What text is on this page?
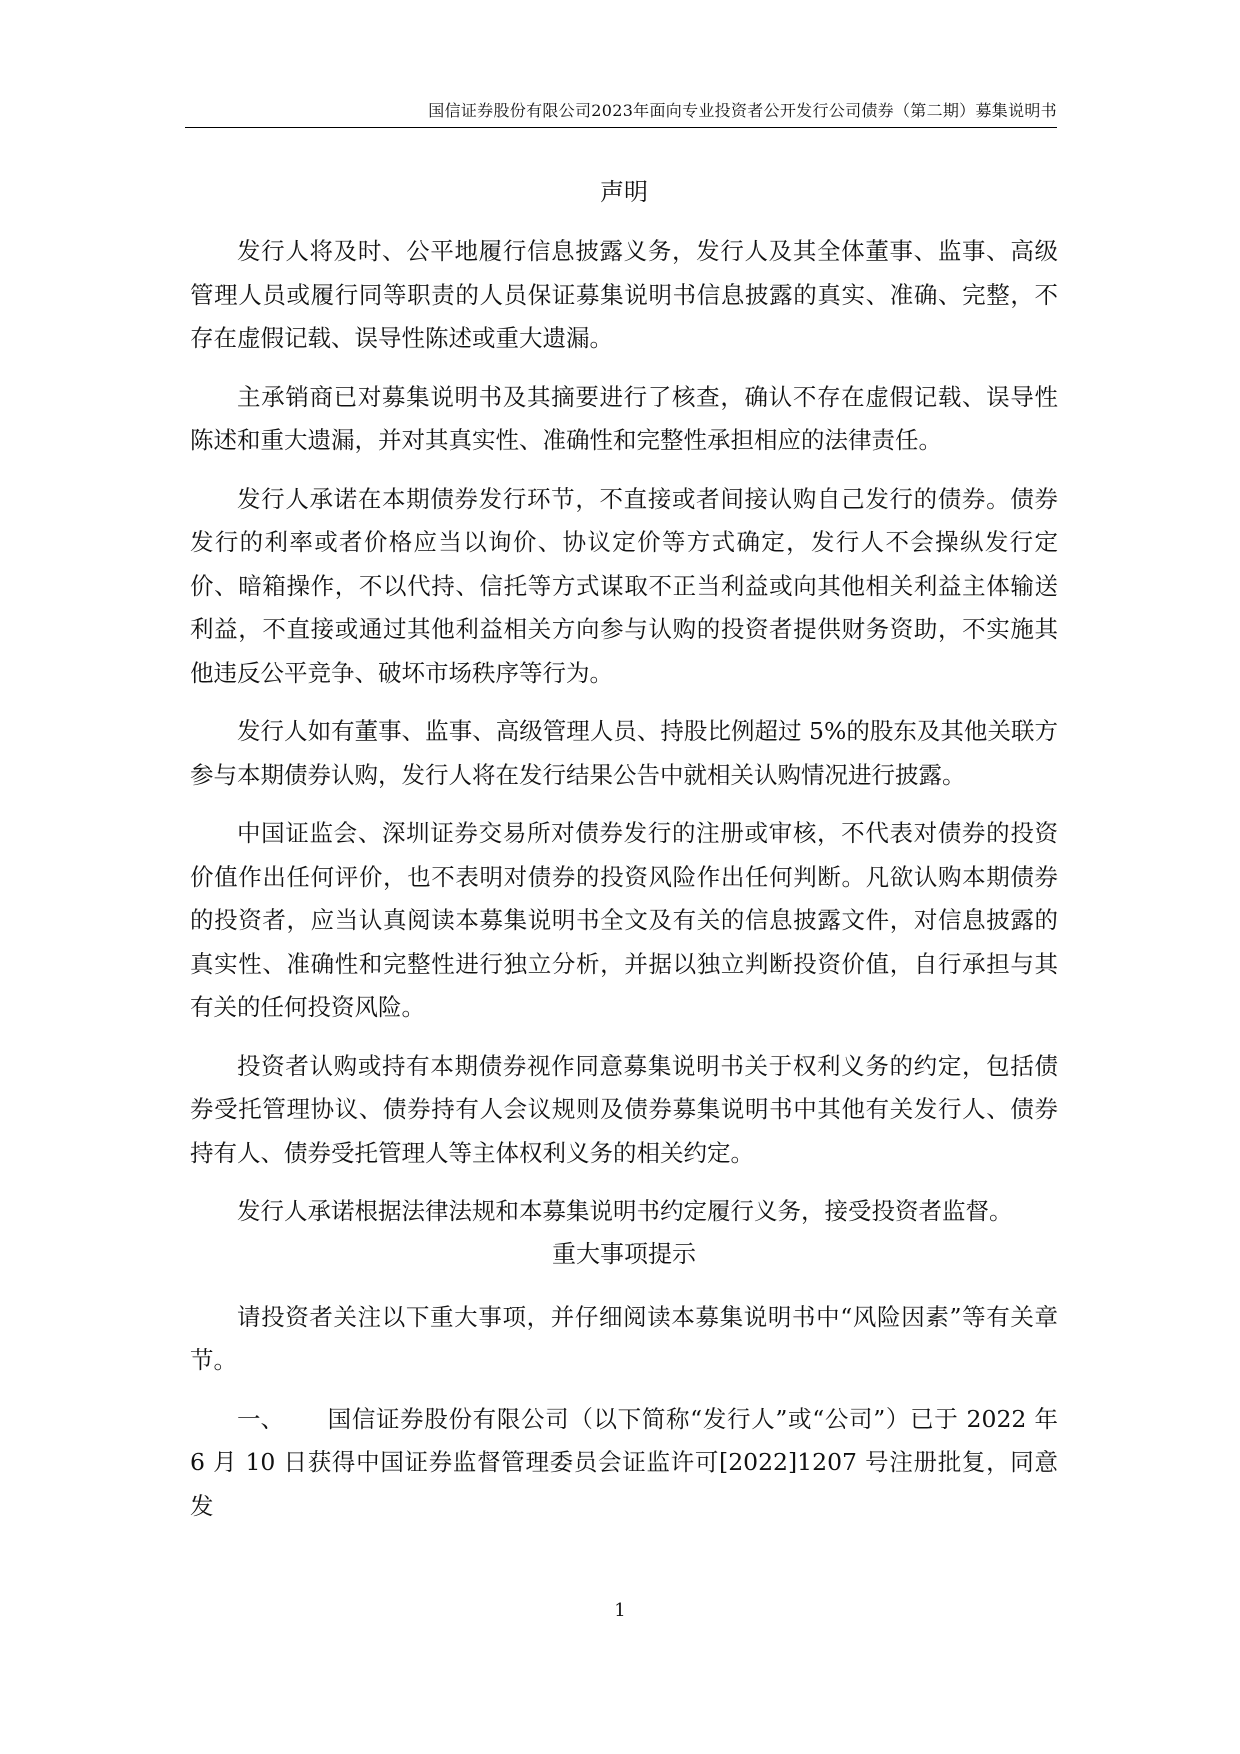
国信证券股份有限公司2023年面向专业投资者公开发行公司债券（第二期）募集说明书
声明

发行人将及时、公平地履行信息披露义务，发行人及其全体董事、监事、高级管理人员或履行同等职责的人员保证募集说明书信息披露的真实、准确、完整，不存在虚假记载、误导性陈述或重大遗漏。

主承销商已对募集说明书及其摘要进行了核查，确认不存在虚假记载、误导性陈述和重大遗漏，并对其真实性、准确性和完整性承担相应的法律责任。

发行人承诺在本期债券发行环节，不直接或者间接认购自己发行的债券。债券发行的利率或者价格应当以询价、协议定价等方式确定，发行人不会操纵发行定价、暗箱操作，不以代持、信托等方式谋取不正当利益或向其他相关利益主体输送利益，不直接或通过其他利益相关方向参与认购的投资者提供财务资助，不实施其他违反公平竞争、破坏市场秩序等行为。

发行人如有董事、监事、高级管理人员、持股比例超过 5%的股东及其他关联方参与本期债券认购，发行人将在发行结果公告中就相关认购情况进行披露。

中国证监会、深圳证券交易所对债券发行的注册或审核，不代表对债券的投资价值作出任何评价，也不表明对债券的投资风险作出任何判断。凡欲认购本期债券的投资者，应当认真阅读本募集说明书全文及有关的信息披露文件，对信息披露的真实性、准确性和完整性进行独立分析，并据以独立判断投资价值，自行承担与其有关的任何投资风险。

投资者认购或持有本期债券视作同意募集说明书关于权利义务的约定，包括债券受托管理协议、债券持有人会议规则及债券募集说明书中其他有关发行人、债券持有人、债券受托管理人等主体权利义务的相关约定。

发行人承诺根据法律法规和本募集说明书约定履行义务，接受投资者监督。

重大事项提示

请投资者关注以下重大事项，并仔细阅读本募集说明书中“风险因素”等有关章节。

一、 国信证券股份有限公司（以下简称“发行人”或“公司”）已于 2022 年 6 月 10 日获得中国证券监督管理委员会证监许可[2022]1207 号注册批复，同意发

1
